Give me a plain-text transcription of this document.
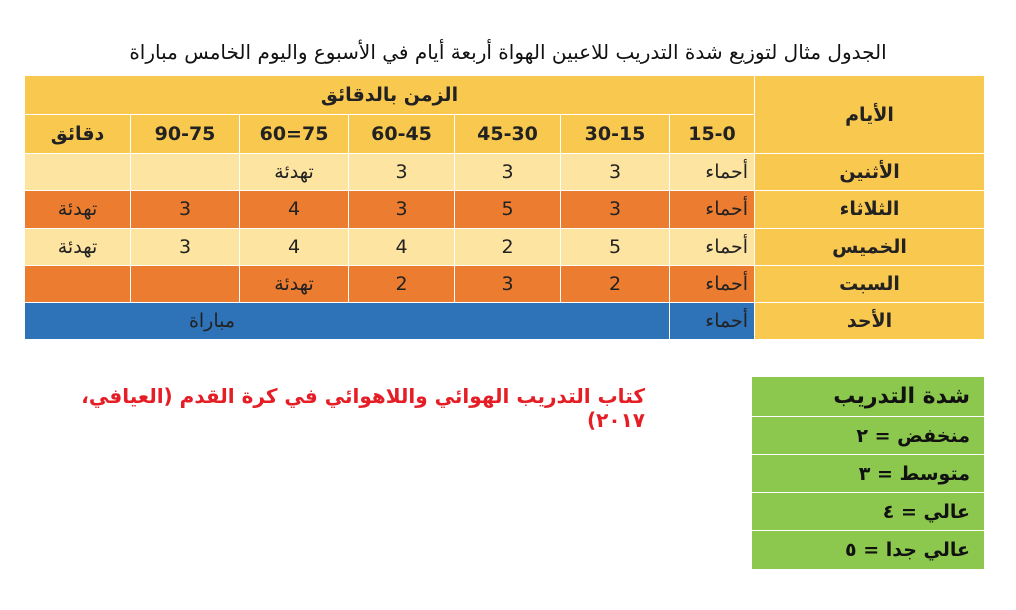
الجدول مثال لتوزيع شدة التدريب للاعبين الهواة أربعة أيام في الأسبوع واليوم الخامس مباراة
الأيام	الزمن بالدقائق						
	15-0	30-15	45-30	60-45	75=60	90-75	دقائق
الأثنين	أحماء	3	3	3	تهدئة		
الثلاثاء	أحماء	3	5	3	4	3	تهدئة
الخميس	أحماء	5	2	4	4	3	تهدئة
السبت	أحماء	2	3	2	تهدئة		
الأحد	أحماء	مباراة					
كتاب التدريب الهوائي واللاهوائي في كرة القدم (العيافي، ٢٠١٧)
شدة التدريب
منخفض = ٢
متوسط = ٣
عالي = ٤
عالي جدا = ٥
